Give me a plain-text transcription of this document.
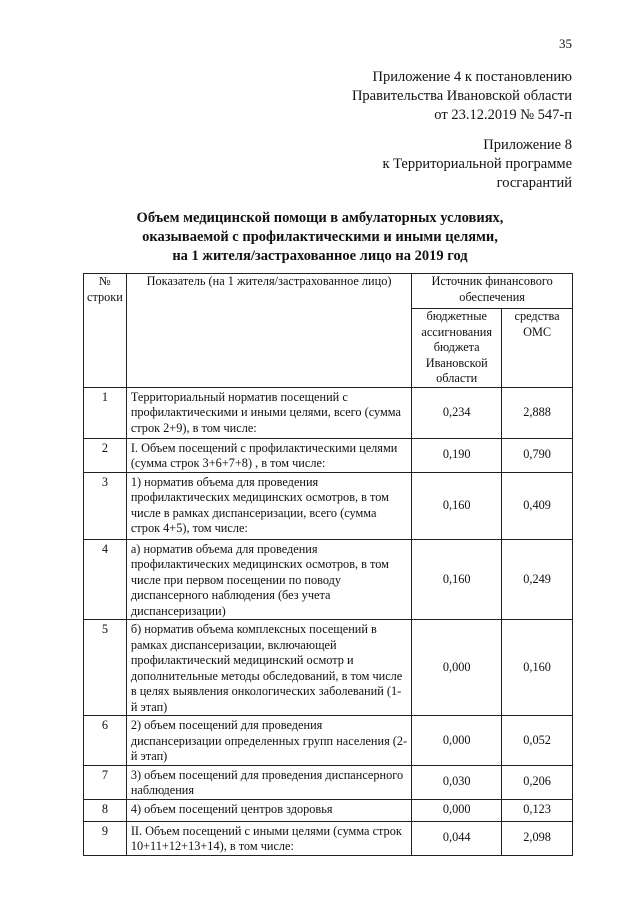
35
Приложение 4 к постановлению
Правительства Ивановской области
от 23.12.2019 № 547-п
Приложение 8
к Территориальной программе
госгарантий
Объем медицинской помощи в амбулаторных условиях,
оказываемой с профилактическими и иными целями,
на 1 жителя/застрахованное лицо на 2019 год
№ строки	Показатель (на 1 жителя/застрахованное лицо)	Источник финансового обеспечения	
		бюджетные ассигнования бюджета Ивановской области	средства ОМС
1	Территориальный норматив посещений с профилактическими и иными целями, всего (сумма строк 2+9), в том числе:	0,234	2,888
2	I. Объем посещений с профилактическими целями (сумма строк 3+6+7+8) , в том числе:	0,190	0,790
3	1) норматив объема для проведения профилактических медицинских осмотров, в том числе в рамках диспансеризации, всего (сумма строк 4+5), том числе:	0,160	0,409
4	а) норматив объема для проведения профилактических медицинских осмотров, в том числе при первом посещении по поводу диспансерного наблюдения (без учета диспансеризации)	0,160	0,249
5	б) норматив объема комплексных посещений в рамках диспансеризации, включающей профилактический медицинский осмотр и дополнительные методы обследований, в том числе в целях выявления онкологических заболеваний (1-й этап)	0,000	0,160
6	2) объем посещений для проведения диспансеризации определенных групп населения (2-й этап)	0,000	0,052
7	3) объем посещений для проведения диспансерного наблюдения	0,030	0,206
8	4) объем посещений центров здоровья	0,000	0,123
9	II. Объем посещений с иными целями (сумма строк 10+11+12+13+14), в том числе:	0,044	2,098
